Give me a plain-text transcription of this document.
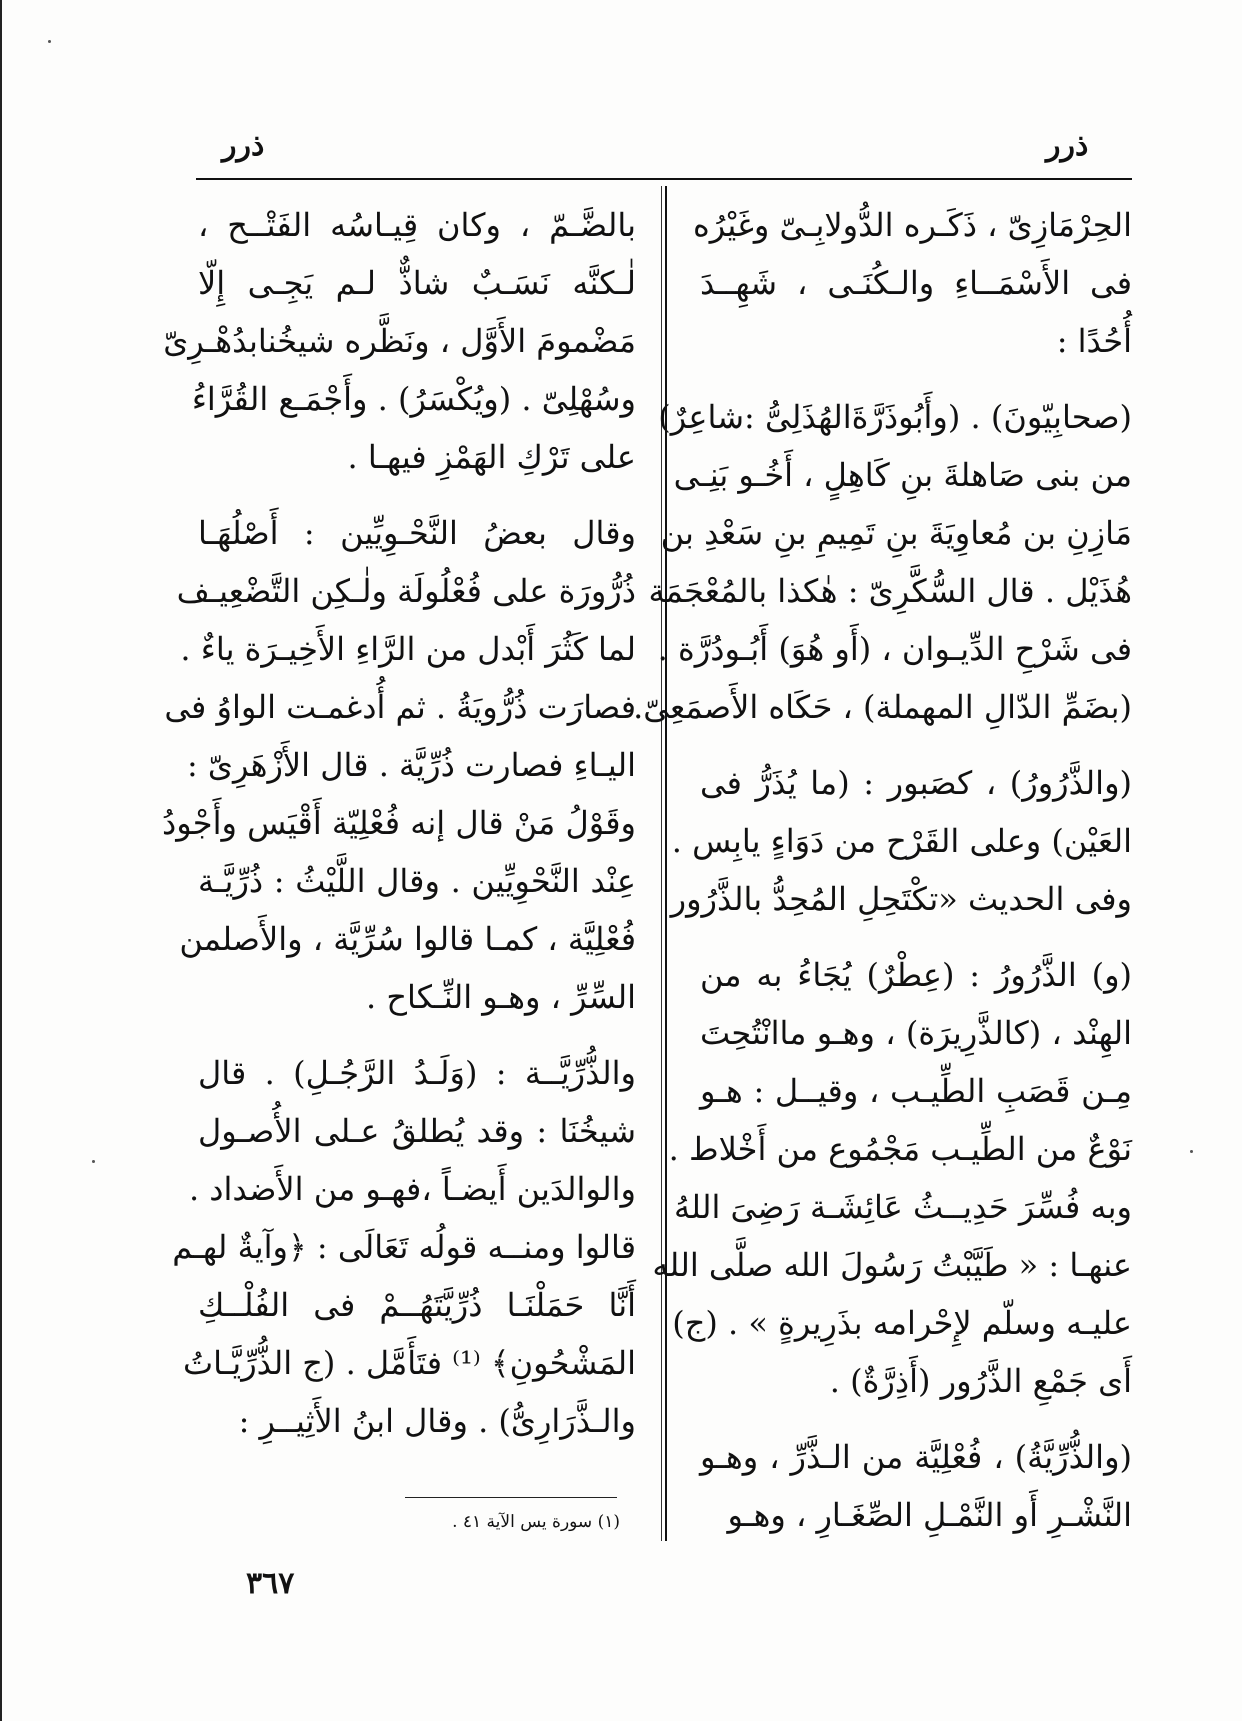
ذرر	ذرر

الحِرْمَازِىّ ، ذَكَـره الدُّولابِـىّ وغَيْرُه
فى الأَسْمَــاءِ والـكُنَـى ، شَهِــدَ
أُحُدًا :

(صحابِيّونَ) . (وأَبُوذَرَّةَالهُذَلِىُّ :شاعِرٌ)
من بنى صَاهلةَ بنِ كَاهِلٍ ، أَخُـو بَنِـى
مَازِنِ بن مُعاوِيَةَ بنِ تَمِيمِ بنِ سَعْدِ بن
هُذَيْل . قال السُّكَّرِىّ : هٰكذا بالمُعْجَمَة
فى شَرْحِ الدِّيـوان ، (أَو هُوَ) أَبُـودُرَّة .
(بضَمِّ الدّالِ المهملة) ، حَكَاه الأَصمَعِىّ.

(والذَّرُورُ) ، كصَبور : (ما يُذَرُّ فى
العَيْن) وعلى القَرْح من دَوَاءٍ يابِس .
وفى الحديث «تكْتَحِلِ المُحِدُّ بالذَّرُور

(و) الذَّرُورُ : (عِطْرٌ) يُجَاءُ به من
الهِنْد ، (كالذَّرِيرَة) ، وهـو ماانْتُحِتَ
مِـن قَصَبِ الطِّيـب ، وقيــل : هـو
نَوْعٌ من الطِّيـب مَجْمُوع من أَخْلاط .
وبه فُسِّرَ حَدِيــثُ عَائِشَـة رَضِىَ اللهُ
عنهـا : « طَيَّبْتُ رَسُولَ الله صلَّى الله
عليـه وسلّم لإِحْرامه بذَرِيرةٍ » . (ج)
أَى جَمْعِ الذَّرُور (أَذِرَّةٌ) .

(والذُّرِّيَّةُ) ، فُعْلِيَّة من الـذَّرِّ ، وهـو
النَّشْـرِ أَو النَّمْـلِ الصِّغَـارِ ، وهـو

بالضَّـمّ ، وكان قِيـاسُه الفَتْــح ،
لٰـكنَّه نَسَـبٌ شاذٌّ لـم يَجِـى إِلّا
مَضْمومَ الأَوَّل ، ونَظَّره شيخُنابدُهْـرِىّ
وسُهْلِىّ . (ويُكْسَرُ) . وأَجْمَـع القُرَّاءُ
على تَرْكِ الهَمْزِ فيهـا .

وقال بعضُ النَّحْـوِيِّين : أَصْلُهَـا
ذُرُّورَة على فُعْلُولَة ولٰـكِن التَّضْعِيـف
لما كَثُرَ أَبْدل من الرَّاءِ الأَخِيـرَة ياءٌ .
فصارَت ذُرُّويَةُ . ثم أُدغمـت الواوُ فى
اليـاءِ فصارت ذُرِّيَّة . قال الأَزْهَرِىّ :
وقَوْلُ مَنْ قال إنه فُعْلِيّة أَقْيَس وأَجْودُ
عِنْد النَّحْوِيِّين . وقال اللَّيْثُ : ذُرِّيَّـة
فُعْلِيَّة ، كمـا قالوا سُرِّيَّة ، والأَصلمن
السِّرِّ ، وهـو النِّـكاح .

والذُّرِّيَّــة : (وَلَـدُ الرَّجُـلِ) . قال
شيخُنَا : وقد يُطلقُ عـلى الأُصـول
والوالدَين أَيضـاً ،فهـو من الأَضداد .
قالوا ومنــه قولُه تَعَالَى : ﴿وآيةٌ لهـم
أَنَّا حَمَلْنَـا ذُرِّيَّتَهُــمْ فى الفُلْــكِ
المَشْحُونِ﴾ ⁽¹⁾ فتَأَمَّل . (ج الذُّرِّيَّـاتُ
والـذَّرَارِىُّ) . وقال ابنُ الأَثِيــرِ :

(١) سورة يس الآية ٤١ .
٣٦٧
